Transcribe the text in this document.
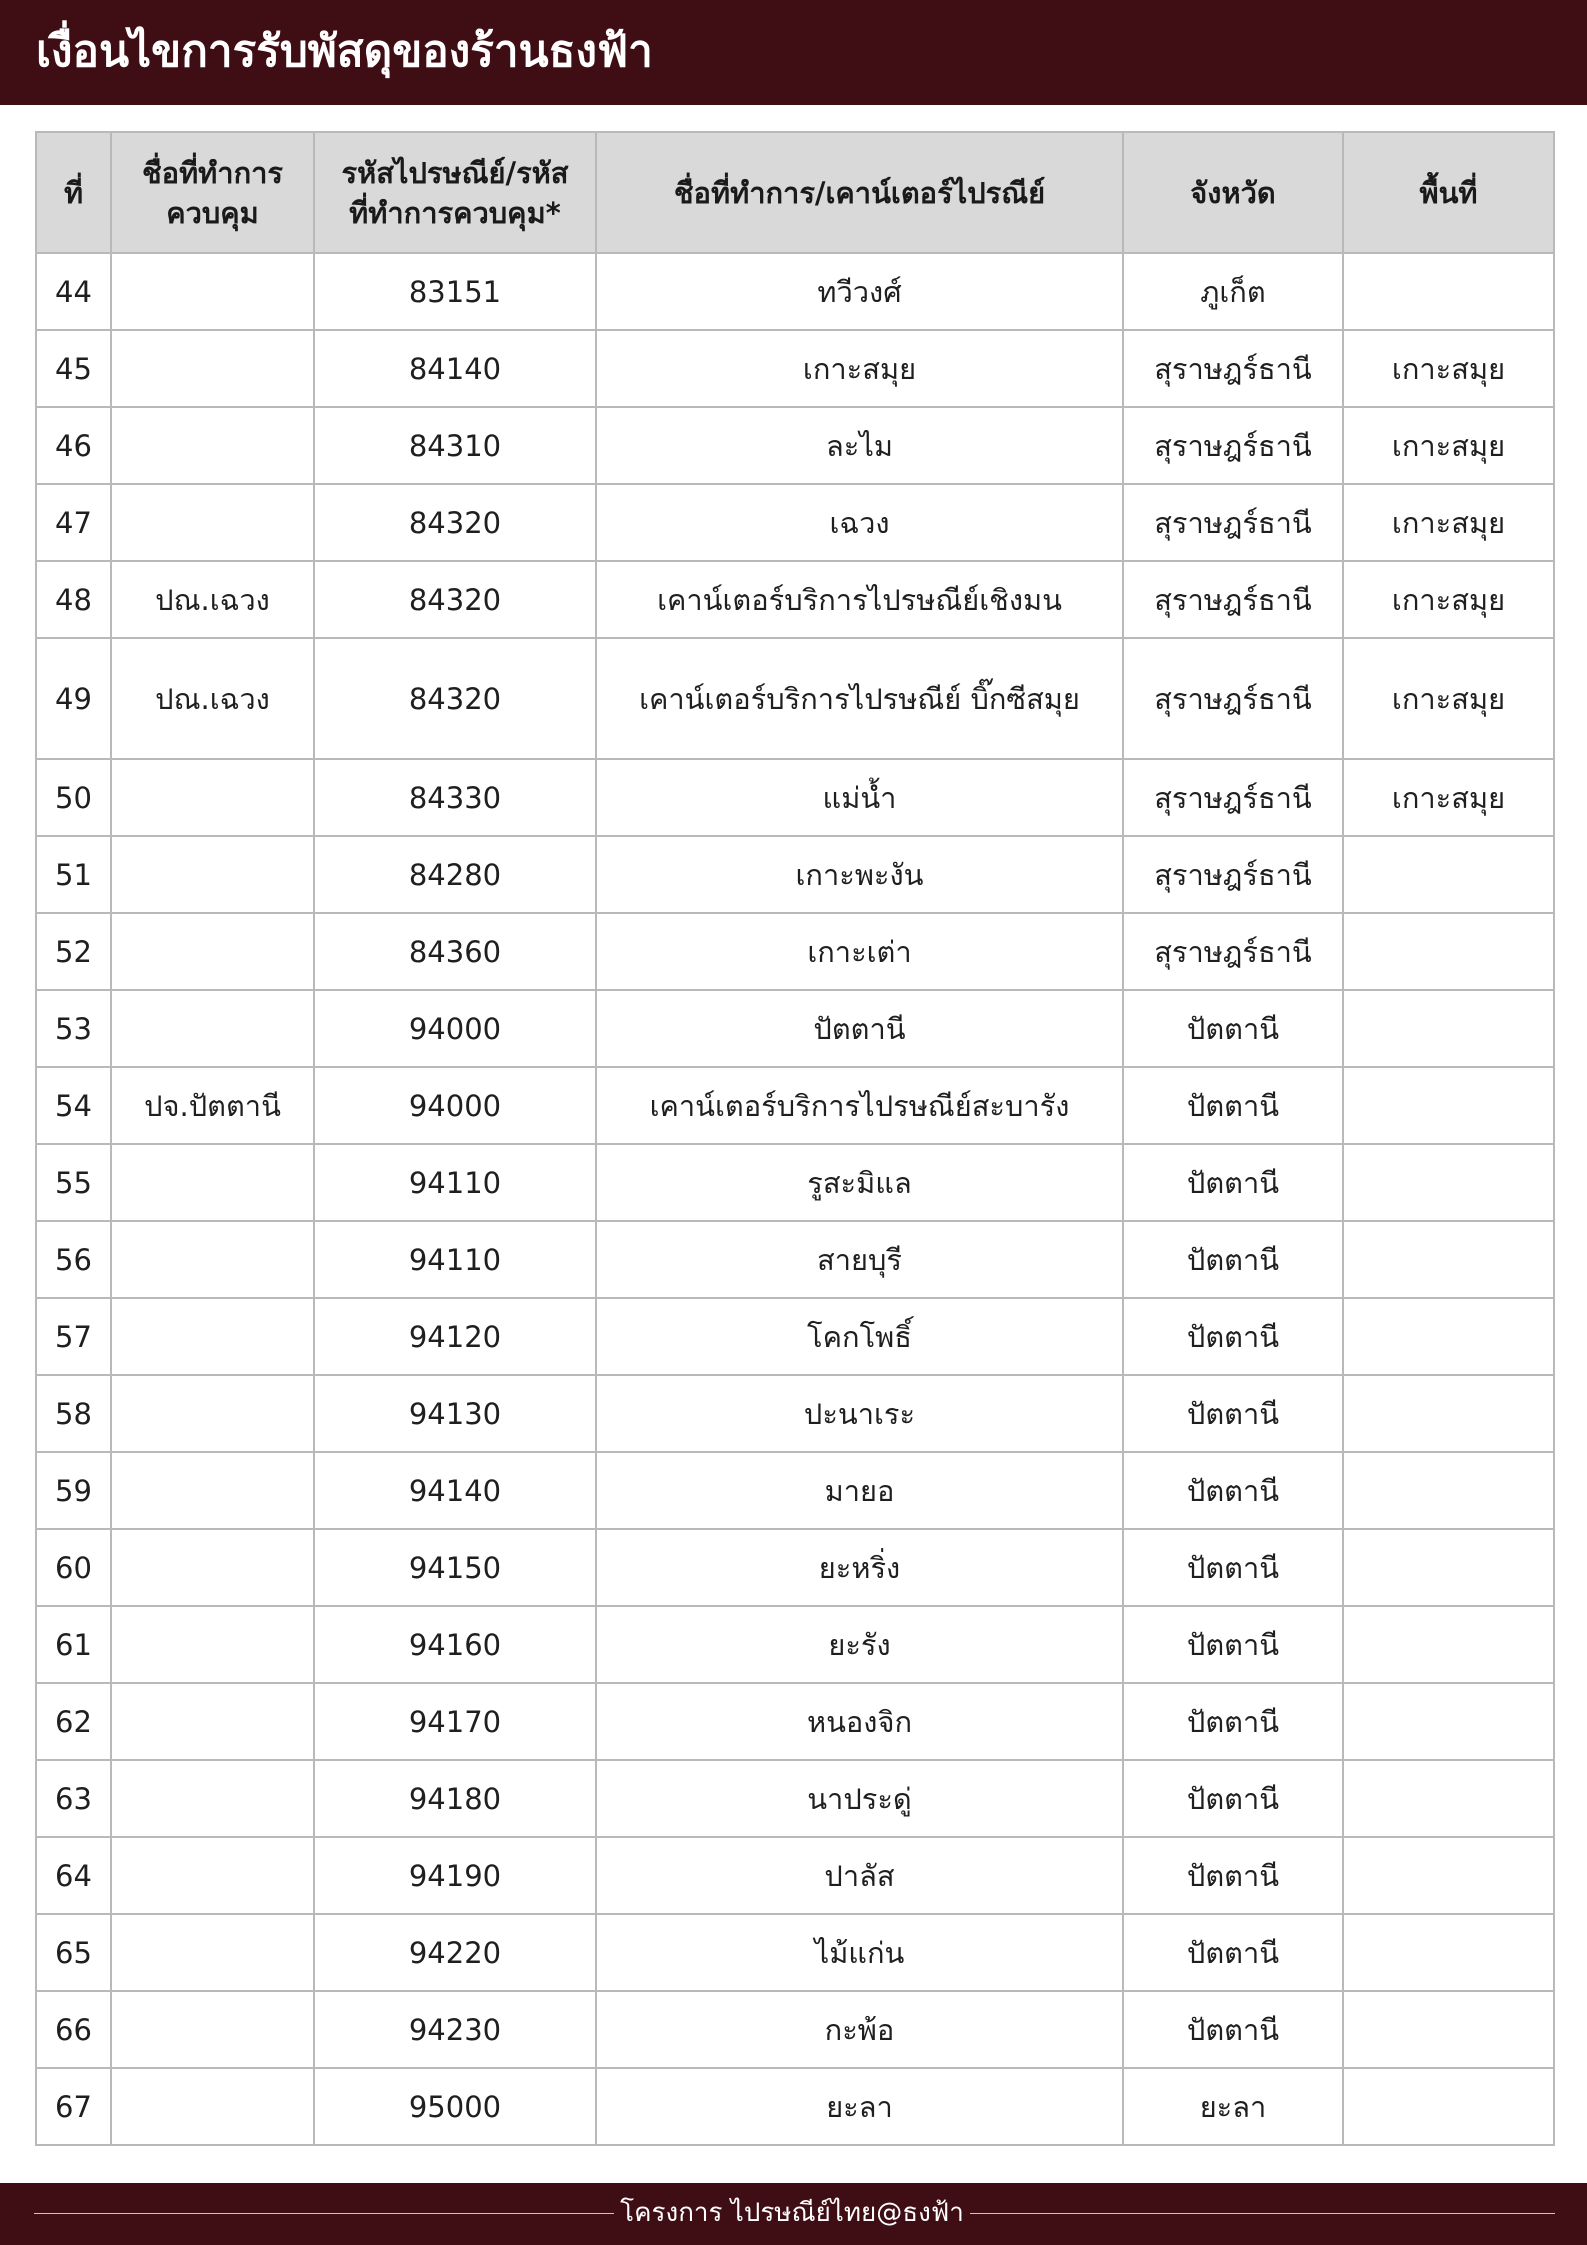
เงื่อนไขการรับพัสดุของร้านธงฟ้า
ที่	ชื่อที่ทำการควบคุม	รหัสไปรษณีย์/รหัสที่ทำการควบคุม*	ชื่อที่ทำการ/เคาน์เตอร์ไปรณีย์	จังหวัด	พื้นที่
44		83151	ทวีวงศ์	ภูเก็ต	
45		84140	เกาะสมุย	สุราษฎร์ธานี	เกาะสมุย
46		84310	ละไม	สุราษฎร์ธานี	เกาะสมุย
47		84320	เฉวง	สุราษฎร์ธานี	เกาะสมุย
48	ปณ.เฉวง	84320	เคาน์เตอร์บริการไปรษณีย์เชิงมน	สุราษฎร์ธานี	เกาะสมุย
49	ปณ.เฉวง	84320	เคาน์เตอร์บริการไปรษณีย์ บิ๊กซีสมุย	สุราษฎร์ธานี	เกาะสมุย
50		84330	แม่น้ำ	สุราษฎร์ธานี	เกาะสมุย
51		84280	เกาะพะงัน	สุราษฎร์ธานี	
52		84360	เกาะเต่า	สุราษฎร์ธานี	
53		94000	ปัตตานี	ปัตตานี	
54	ปจ.ปัตตานี	94000	เคาน์เตอร์บริการไปรษณีย์สะบารัง	ปัตตานี	
55		94110	รูสะมิแล	ปัตตานี	
56		94110	สายบุรี	ปัตตานี	
57		94120	โคกโพธิ์	ปัตตานี	
58		94130	ปะนาเระ	ปัตตานี	
59		94140	มายอ	ปัตตานี	
60		94150	ยะหริ่ง	ปัตตานี	
61		94160	ยะรัง	ปัตตานี	
62		94170	หนองจิก	ปัตตานี	
63		94180	นาประดู่	ปัตตานี	
64		94190	ปาลัส	ปัตตานี	
65		94220	ไม้แก่น	ปัตตานี	
66		94230	กะพ้อ	ปัตตานี	
67		95000	ยะลา	ยะลา	
โครงการ ไปรษณีย์ไทย@ธงฟ้า
